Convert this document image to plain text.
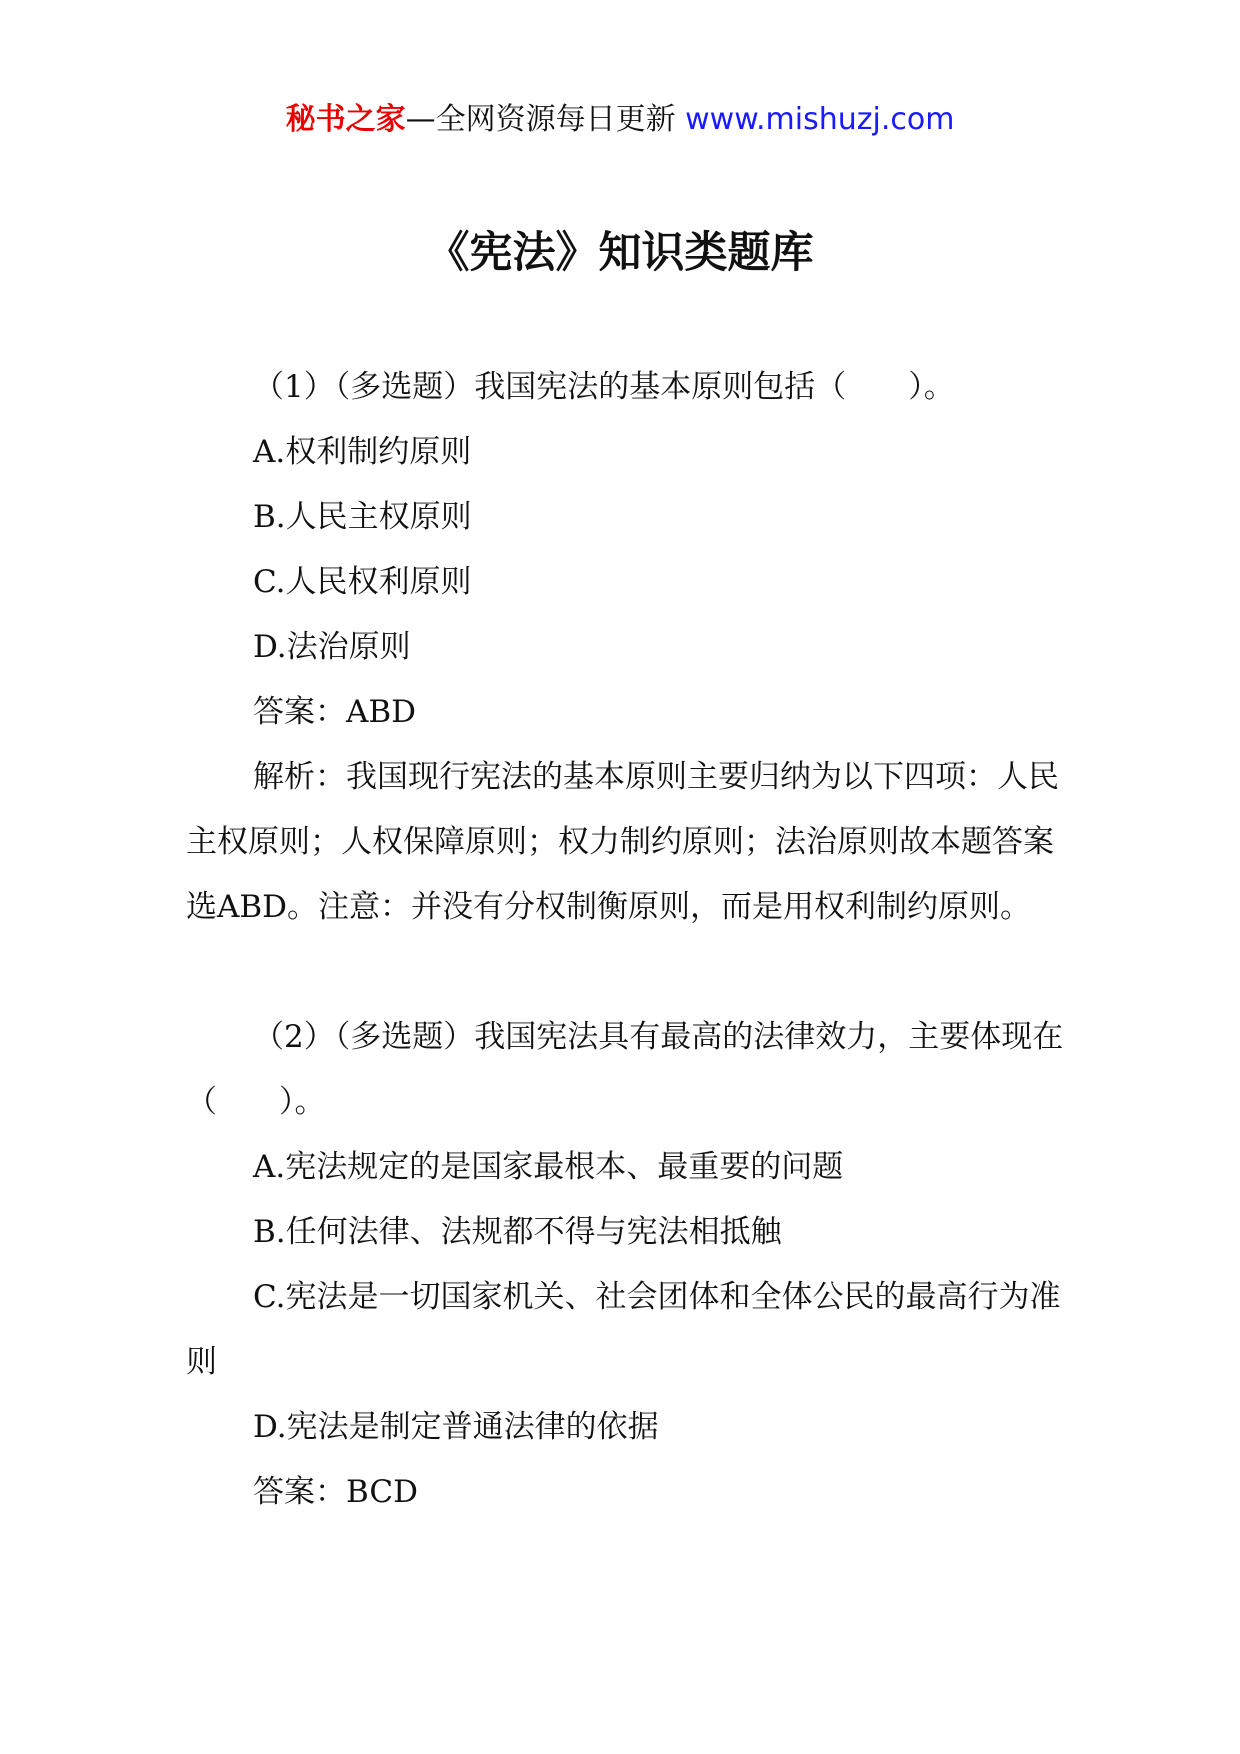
秘书之家—全网资源每日更新 www.mishuzj.com
《宪法》知识类题库

（1）（多选题）我国宪法的基本原则包括（　　）。

A.权利制约原则

B.人民主权原则

C.人民权利原则

D.法治原则

答案：ABD

解析：我国现行宪法的基本原则主要归纳为以下四项：人民主权原则；人权保障原则；权力制约原则；法治原则故本题答案选ABD。注意：并没有分权制衡原则，而是用权利制约原则。

（2）（多选题）我国宪法具有最高的法律效力，主要体现在（　　）。

A.宪法规定的是国家最根本、最重要的问题

B.任何法律、法规都不得与宪法相抵触

C.宪法是一切国家机关、社会团体和全体公民的最高行为准则

D.宪法是制定普通法律的依据

答案：BCD
